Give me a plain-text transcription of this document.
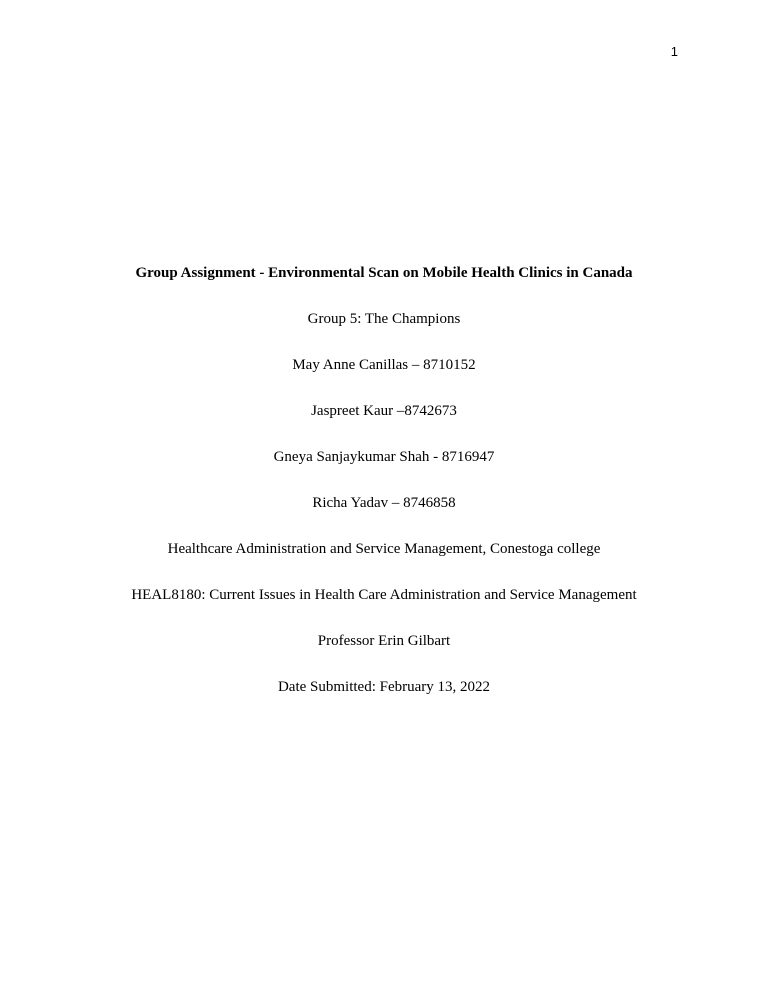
1
Group Assignment - Environmental Scan on Mobile Health Clinics in Canada
Group 5: The Champions
May Anne Canillas – 8710152
Jaspreet Kaur –8742673
Gneya Sanjaykumar Shah - 8716947
Richa Yadav – 8746858
Healthcare Administration and Service Management, Conestoga college
HEAL8180: Current Issues in Health Care Administration and Service Management
Professor Erin Gilbart
Date Submitted: February 13, 2022
